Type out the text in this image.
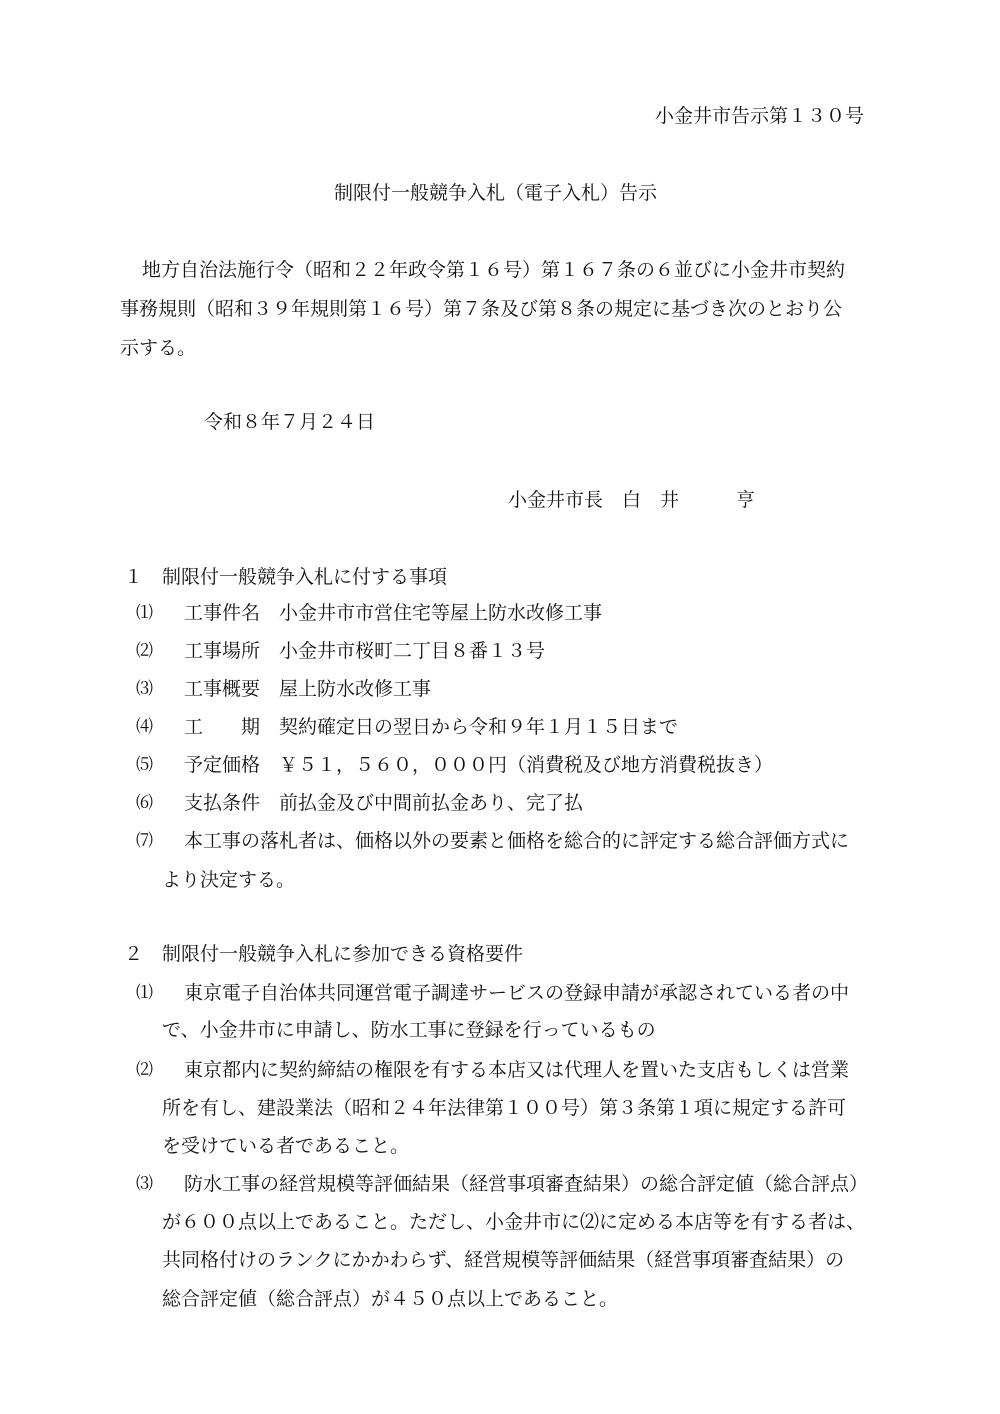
小金井市告示第１３０号
制限付一般競争入札（電子入札）告示
地方自治法施行令（昭和２２年政令第１６号）第１６７条の６並びに小金井市契約
事務規則（昭和３９年規則第１６号）第７条及び第８条の規定に基づき次のとおり公
示する。
令和８年７月２４日
小金井市長　白　井　　　亨
１ 制限付一般競争入札に付する事項
⑴ 工事件名　小金井市市営住宅等屋上防水改修工事
⑵ 工事場所　小金井市桜町二丁目８番１３号
⑶ 工事概要　屋上防水改修工事
⑷ 工　　期　契約確定日の翌日から令和９年１月１５日まで
⑸ 予定価格　￥５１，５６０，０００円（消費税及び地方消費税抜き）
⑹ 支払条件　前払金及び中間前払金あり、完了払
⑺ 本工事の落札者は、価格以外の要素と価格を総合的に評定する総合評価方式に
より決定する。
２ 制限付一般競争入札に参加できる資格要件
⑴ 東京電子自治体共同運営電子調達サービスの登録申請が承認されている者の中
で、小金井市に申請し、防水工事に登録を行っているもの
⑵ 東京都内に契約締結の権限を有する本店又は代理人を置いた支店もしくは営業
所を有し、建設業法（昭和２４年法律第１００号）第３条第１項に規定する許可
を受けている者であること。
⑶ 防水工事の経営規模等評価結果（経営事項審査結果）の総合評定値（総合評点）
が６００点以上であること。ただし、小金井市に⑵に定める本店等を有する者は、
共同格付けのランクにかかわらず、経営規模等評価結果（経営事項審査結果）の
総合評定値（総合評点）が４５０点以上であること。
